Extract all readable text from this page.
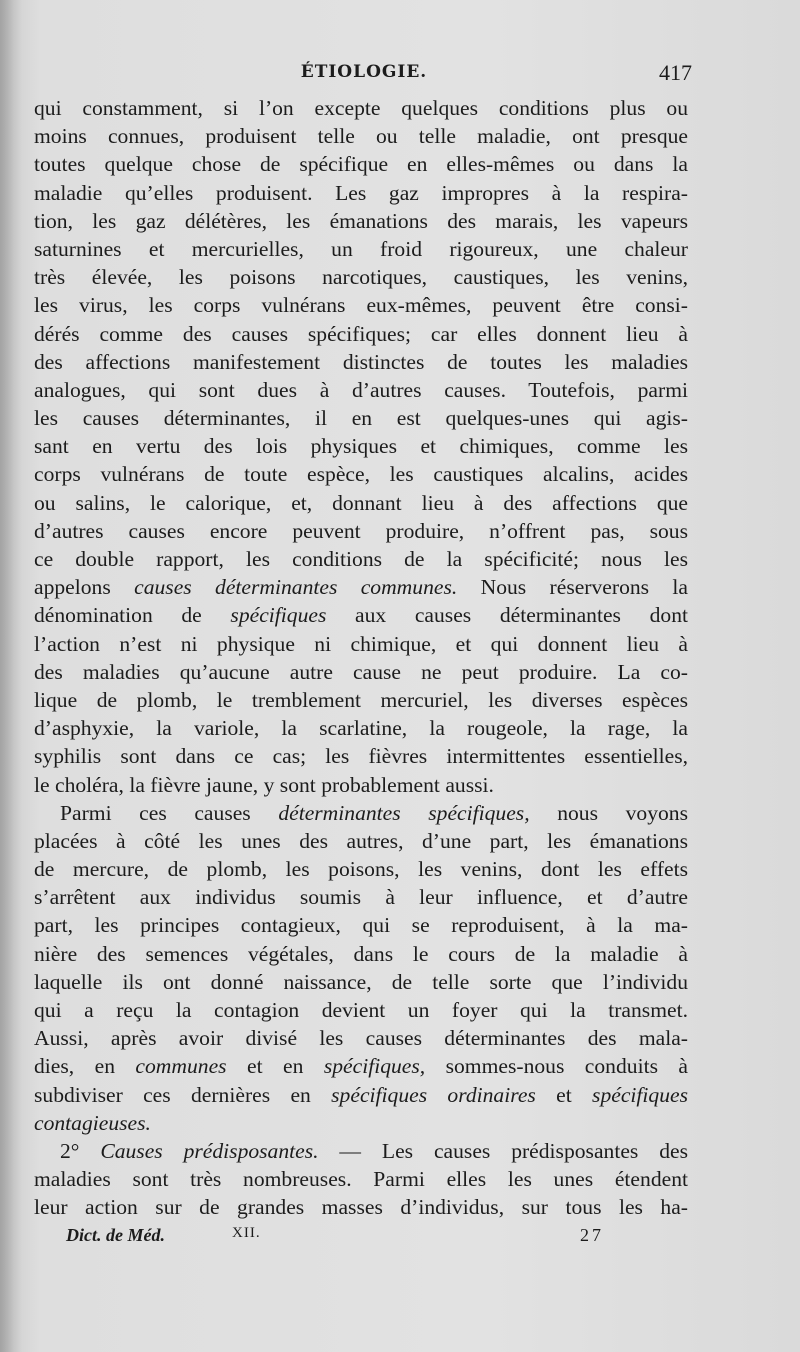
ÉTIOLOGIE.	417
qui constamment, si l’on excepte quelques conditions plus ou
moins connues, produisent telle ou telle maladie, ont presque
toutes quelque chose de spécifique en elles-mêmes ou dans la
maladie qu’elles produisent. Les gaz impropres à la respira-
tion, les gaz délétères, les émanations des marais, les vapeurs
saturnines et mercurielles, un froid rigoureux, une chaleur
très élevée, les poisons narcotiques, caustiques, les venins,
les virus, les corps vulnérans eux-mêmes, peuvent être consi-
dérés comme des causes spécifiques; car elles donnent lieu à
des affections manifestement distinctes de toutes les maladies
analogues, qui sont dues à d’autres causes. Toutefois, parmi
les causes déterminantes, il en est quelques-unes qui agis-
sant en vertu des lois physiques et chimiques, comme les
corps vulnérans de toute espèce, les caustiques alcalins, acides
ou salins, le calorique, et, donnant lieu à des affections que
d’autres causes encore peuvent produire, n’offrent pas, sous
ce double rapport, les conditions de la spécificité; nous les
appelons causes déterminantes communes. Nous réserverons la
dénomination de spécifiques aux causes déterminantes dont
l’action n’est ni physique ni chimique, et qui donnent lieu à
des maladies qu’aucune autre cause ne peut produire. La co-
lique de plomb, le tremblement mercuriel, les diverses espèces
d’asphyxie, la variole, la scarlatine, la rougeole, la rage, la
syphilis sont dans ce cas; les fièvres intermittentes essentielles,
le choléra, la fièvre jaune, y sont probablement aussi.
Parmi ces causes déterminantes spécifiques, nous voyons
placées à côté les unes des autres, d’une part, les émanations
de mercure, de plomb, les poisons, les venins, dont les effets
s’arrêtent aux individus soumis à leur influence, et d’autre
part, les principes contagieux, qui se reproduisent, à la ma-
nière des semences végétales, dans le cours de la maladie à
laquelle ils ont donné naissance, de telle sorte que l’individu
qui a reçu la contagion devient un foyer qui la transmet.
Aussi, après avoir divisé les causes déterminantes des mala-
dies, en communes et en spécifiques, sommes-nous conduits à
subdiviser ces dernières en spécifiques ordinaires et spécifiques
contagieuses.
2° Causes prédisposantes. — Les causes prédisposantes des
maladies sont très nombreuses. Parmi elles les unes étendent
leur action sur de grandes masses d’individus, sur tous les ha-
Dict. de Méd.	XII.	27
